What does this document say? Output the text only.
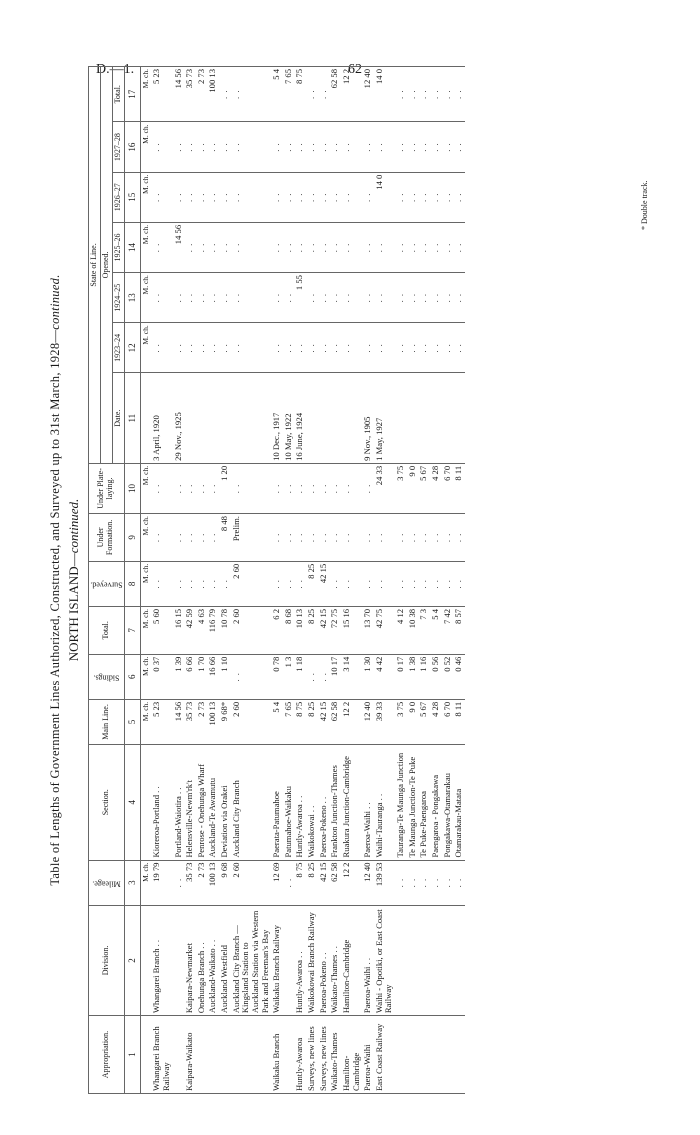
D.—1.	62
Table of Lengths of Government Lines Authorized, Constructed, and Surveyed up to 31st March, 1928—continued.
NORTH ISLAND—continued.
Appropriation.	Division.	Mileage.	Section.	Main Line.	Sidings.	Total.	Surveyed.	Under Formation.	Under Plate-laying.	State of Line.						
										Opened.						
										Date.	1923–24	1924–25	1925–26	1926–27	1927–28	Total.
1	2	3	4	5	6	7	8	9	10	11	12	13	14	15	16	17
		M. ch.		M. ch.	M. ch.	M. ch.	M. ch.	M. ch.	M. ch.		M. ch.	M. ch.	M. ch.	M. ch.	M. ch.	M. ch.
Whangarei Branch Railway	Whangarei Branch . .	19 79	Kioreroa-Portland . .	5 23	0 37	5 60	. .	. .	. .	3 April, 1920	. .	. .	. .	. .	. .	5 23
		. .	Portland-Waiotira . .	14 56	1 39	16 15	. .	. .	. .	29 Nov., 1925	. .	. .	14 56	. .	. .	14 56
Kaipara-Waikato	Kaipara-Newmarket	35 73	Helensville-Newm'rk't	35 73	6 66	42 59	. .	. .	. .		. .	. .	. .	. .	. .	35 73
	Onehunga Branch . .	2 73	Penrose - Onehunga Wharf	2 73	1 70	4 63	. .	. .	. .		. .	. .	. .	. .	. .	2 73
	Auckland-Waikato . .	100 13	Auckland-Te Awamutu	100 13	16 66	116 79	. .	. .	. .		. .	. .	. .	. .	. .	100 13
	Auckland Westfield	9 68	Deviation via Orakei	9 68*	1 10	10 78	. .	8 48	1 20		. .	. .	. .	. .	. .	. .
	Auckland City Branch — Kingsland Station to Auckland Station via Western Park and Freeman's Bay	2 60	Auckland City Branch	2 60	. .	2 60	2 60	Prelim.	. .		. .	. .	. .	. .	. .	. .
Waikaku Branch	Waikaku Branch Railway	12 69	Paerata-Patumahoe	5 4	0 78	6 2	. .	. .	. .	10 Dec., 1917	. .	. .	. .	. .	. .	5 4
		. .	Patumahoe-Waikaku	7 65	1 3	8 68	. .	. .	. .	10 May, 1922	. .	. .	. .	. .	. .	7 65
Huntly-Awaroa	Huntly-Awaroa . .	8 75	Huntly-Awaroa . .	8 75	1 18	10 13	. .	. .	. .	16 June, 1924	. .	1 55	. .	. .	. .	8 75
Surveys, new lines	Waikokowai Branch Railway	8 25	Waikokowai . .	8 25	. .	8 25	8 25	. .	. .		. .	. .	. .	. .	. .	. .
Surveys, new lines	Paeroa-Pokeno . .	42 15	Paeroa-Pokeno . .	42 15	. .	42 15	42 15	. .	. .		. .	. .	. .	. .	. .	. .
Waikato-Thames	Waikato-Thames . .	62 58	Frankton Junction-Thames	62 58	10 17	72 75	. .	. .	. .		. .	. .	. .	. .	. .	62 58
Hamilton-Cambridge	Hamilton-Cambridge	12 2	Ruakura Junction-Cambridge	12 2	3 14	15 16	. .	. .	. .		. .	. .	. .	. .	. .	12 2
Paeroa-Waihi	Paeroa-Waihi . .	12 40	Paeroa-Waihi . .	12 40	1 30	13 70	. .	. .	. .	9 Nov., 1905	. .	. .	. .	. .	. .	12 40
East Coast Railway	Waihi - Opotiki, or East Coast Railway	139 53	Waihi-Tauranga . .	39 33	4 42	42 75	. .	. .	24 33	1 May, 1927	. .	. .	. .	14 0	. .	14 0
		. .	Tauranga-Te Maunga Junction	3 75	0 17	4 12	. .	. .	3 75		. .	. .	. .	. .	. .	. .
		. .	Te Maunga Junction-Te Puke	9 0	1 38	10 38	. .	. .	9 0		. .	. .	. .	. .	. .	. .
		. .	Te Puke-Paengaroa	5 67	1 16	7 3	. .	. .	5 67		. .	. .	. .	. .	. .	. .
		. .	Paengaroa - Pongakawa	4 28	0 56	5 4	. .	. .	4 28		. .	. .	. .	. .	. .	. .
		. .	Pongakawa-Otamarakau	6 70	0 52	7 42	. .	. .	6 70		. .	. .	. .	. .	. .	. .
		. .	Otamarakau-Matata	8 11	0 46	8 57	. .	. .	8 11		. .	. .	. .	. .	. .	. .
* Double track.
